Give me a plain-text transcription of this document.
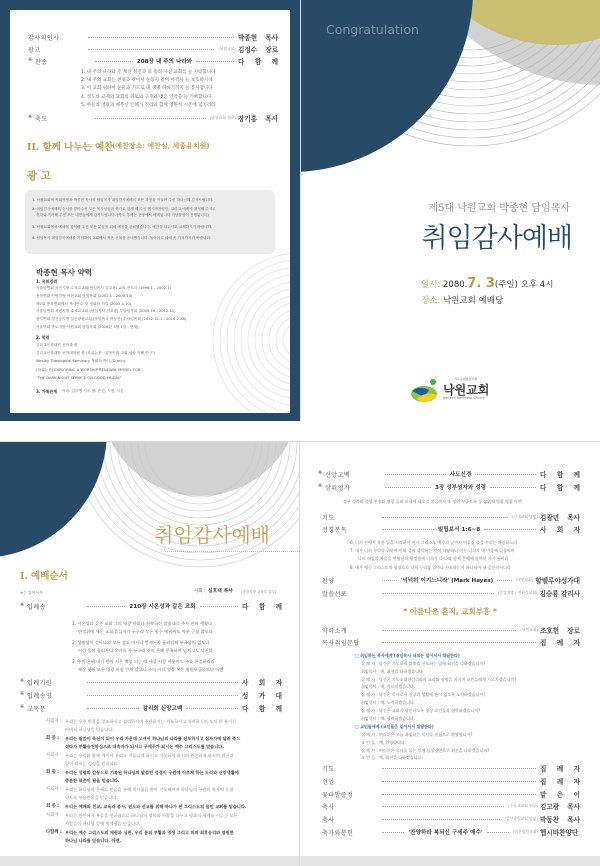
감사의인사	박종현 목사
광고	(낙원교회) 김정수 장로
※ 찬송	208장 내 주의 나라와	다 함 께
1. 내 주의 나라와 주 계신 성전과 피 흘려 사신 교회를 늘 사랑합니다
2. 내 주의 교회는 천성과 같아서 눈동자 같이 아끼사 늘 보호하시네
3. 이 교회 위하여 눈물과 기도로 내 생명 다하기까지 늘 봉사합니다
4. 성도의 교제와 교회의 위로와 구주와 맺은 언약을 늘 기뻐합니다
5. 하늘의 영광과 베푸신 은혜가 진리와 함께 영원히 시온에 넘치리라
※ 축도	(낙원교회 원로) 장기홍 목사
II. 함께 나누는 예찬
(예찬장소: 예찬실, 세종유치원)
광 고
1. 낙원교회의 목회여정과 박종현 목사의 담임목사 취임감사예배의 모든 과정을 이끌어 주신 하나님께 감사드립니다.
2. 취임감사예배의 순서를 맡아주신 모든 목사님들과 축가로 함께 해 주신 헵시바찬양단, 그리고 예배에 참석해 주시고
축하와 격려해 주신 모든 내빈들에게 감사드립니다. (축도 후에는 현당에서 배례입니다 기념촬영이 진행됩니다)
3. 낙원교회에서 예배에 참석해 주신 모든 분들을 위해 예찬을 준비했습니다. 예찬을 나누시고 교제하시기 바랍니다.
4. 담임목사 취임감사예배를 기념하여 교회에서 작은 선물을 준비했습니다. 돌아가실 때에 꼭 가져가시기 바랍니다.
박종현 목사 약력
1. 목회경력
서울남연회 서진지방 수표교교회(담임목사 김고광) 교육 전도사 (1996.1 - 2002.1)
충북연회 단양지방 덕현교회 담임목회 (2002.1 - 2005.10)
제7회 충북연회에서 목사안수 및 정회원 허입 (2005.4.10)
서울남연회 서진지방 수표교교회 (담임목사 김고광) 부담임목회 (2005.10 - 2012.11)
중부연회 일산동지방 일산광림교회 (담임목사 박동찬) 부담임목회 (2012.12.1 - 2016.2.28)
서울연회 종로지방 낙원교회 담임목회 (2016년 3월 1일 - 현재)
2. 학력
감리교신학대학 신학과 졸
감리교신학대학 신학대학원 졸 (학위논문: '골목속의 교회 성장 이해 연구')
Wesley Theological Seminary 목회학 박사 (D.min)
(학위논문) EXPLORING A WORSHIP RENEWAL MODEL FOR
"THE DARK NIGHT SERVICE ON GOOD FRIDAY"
3. 가족관계 아내: 김미영 사모 딸: 은진, 시현, 시온
Congratulation
제5대 낙원교회 박종현 담임목사
취임감사예배
일시: 2080.7. 3(주일) 오후 4시
장소: 낙원교회 예배당
기독교대한감리회
낙원교회
Nakwon Methodist Church
취임감사예배
I. 예배순서
※는 일어서서	사회 : 심호택 목사 (중앙지방 교육부 총무)
※ 입례송	210장 시온성과 같은 교회	다 함 께
1. 시온성과 같은 교회 그의 영광 한없다 허락하신 말씀대로 주가 친히 세웠다
반석위에 세운 교회 흔들자가 누구랴 모든 원수 에워싸도 아무 근심 없도다
2. 생명샘이 솟아나와 모든 성도 마시니 언제든지 흘러넘쳐 부족함이 없도다
이런 물이 흘러가니 목마를 자 누구랴 주의 은혜 풍족하여 넘치고도 넘친다
3. 주의 은혜 내가 받아 시온 백성 되는 때 세상 사람 비웃어도 주를 찬송하리라
세상 헛된 모든 영광 아침 안개 같으나 주의 자녀 얻을 복은 영원무궁하도다 아멘
※ 입례기원	사 회 자
※ 입례송영	성 가 대
※ 교독문	감리회 신앙고백	다 함 께
사회자 : 우리는 우주 만물을 창조하시고 섭리하시며 주관하시는 거룩하시고 자비하시며 오직 한 분이신
아버지 하나님을 믿습니다.
회 중 : 우리는 말씀이 육신이 되어 우리 가운데 오셔서 하나님의 나라를 선포하시고 십자가에 달려 죽으
셨다가 부활승천하심으로 대속자가 되시고 구세주가 되시는 예수 그리스도를 믿습니다.
사회자 : 우리는 우리와 함께 계셔서 우리를 거듭나게 하시고 거룩하게 하시며 완전하게 하시며 위안과
힘이 되시는 성령을 믿습니다.
회 중 : 우리는 성령의 감동으로 기록된 하나님의 말씀인 성경이 구원에 이르게 하는 도리와 신앙생활에
충분한 표준이 됨을 믿습니다.
사회자 : 우리는 하나님의 은혜로 믿음을 통해 죄사함을 받아 거룩해지며 하나님의 구원의 역사에 동참
하도록 부름받음을 믿습니다.
회 중 : 우리는 예배와 친교, 교육과 봉사, 전도와 선교를 위해 하나가 된 그리스도의 몸인 교회를 믿습니다.
사회자 : 우리는 만인에게 복음을 전파함으로 하나님의 정의와 사랑을 나누고 평화의 세계를 이루는 모든
사람들이 하나님 앞에 형제됨을 믿습니다.
다함께 : 우리는 예수 그리스도의 재림과 심판, 우리 몸의 부활과 영생 그리고 의의 최후승리와 영원한
하나님 나라를 믿습니다. 아멘.
※ 신앙고백	사도신경	다 함 께
※ 삼위영가	3장 성부성자와 성령	다 함 께
성부 성자와 성령 찬송과 영광 돌려 보내세 태초로 지금까지 또 영원 무궁토록 성 삼위께 영광 영광 아멘
기도	(신내교회 담임) 김광년 목사
성경봉독	빌립보서 1:6~8	사 회 자
6. 너희 안에서 착한 일을 시작하신 이가 그리스도 예수의 날까지 이루실 줄을 우리는 확신하노라
7. 내가 너희 무리를 위하여 이와 같이 생각하는 것이 마땅하니 이는 너희가 내 마음에 있음이며
나의 매임과 복음을 변명함과 확정함에 너희가 다 나와 함께 은혜에 참여한 자가 됨이라
8. 내가 예수 그리스도의 심장으로 너희 무리를 얼마나 사모하는지 하나님이 내 증인이시니라
찬양	'넉넉히 이기느니라' (Mark Hayes)	(낙원교회) 할렐루야성가대
말씀선포	(중앙지방 / 전하림교회) 김승룡 감리사
* 아름다운 흔적, 교회부흥 *
약력소개	(낙원교회) 조호현 장로
목사취임문답	집 례 자
□ 취임하는 목사에게 (취임목사 내외는 일어서서 대답한다)
집 례 자 : 당신은 기도하며 말씀을 선포하는 일에 최선을 다하겠습니까?
취임목사 : 예, 최선을 다하겠습니다.
집 례 자 : 당신은 기독교대한감리회의 교리와 장정을 지키며 교인들에게 가르치겠습니까?
취임목사 : 예, 가르치겠습니다.
집 례 자 : 당신은 목사로서 신앙과 생활에 흠이 없도록 노력하겠습니까?
취임목사 : 예, 노력하겠습니다.
집 례 자 : 당신은 교회가 평안하도록 항상 교인들과 협력하겠습니까?
취임목사 : 예, 협력하겠습니다.
□ 교인들에게 (교인들은 일어서서 대답한다)
집 례 자 : 여러분은 오늘 취임하는 목사를 진심으로 환영합니까?
교 인 들 : 예, 환영합니다.
집 례 자 : 여러분은 목사를 돕는 일에 물심양면으로 최선을 다하겠습니까?
교 인 들 : 예, 최선을 다하겠습니다.
기도	집 례 자
선언	집 례 자
꽃다발증정	맡 은 이
축사	(수표교교회 원로) 김고광 목사
축사	(일산광림교회 담임) 박동찬 목사
축가와봉헌	'찬양하라 복되신 구세주 예수'	(일산광림교회) 헵시바찬양단
